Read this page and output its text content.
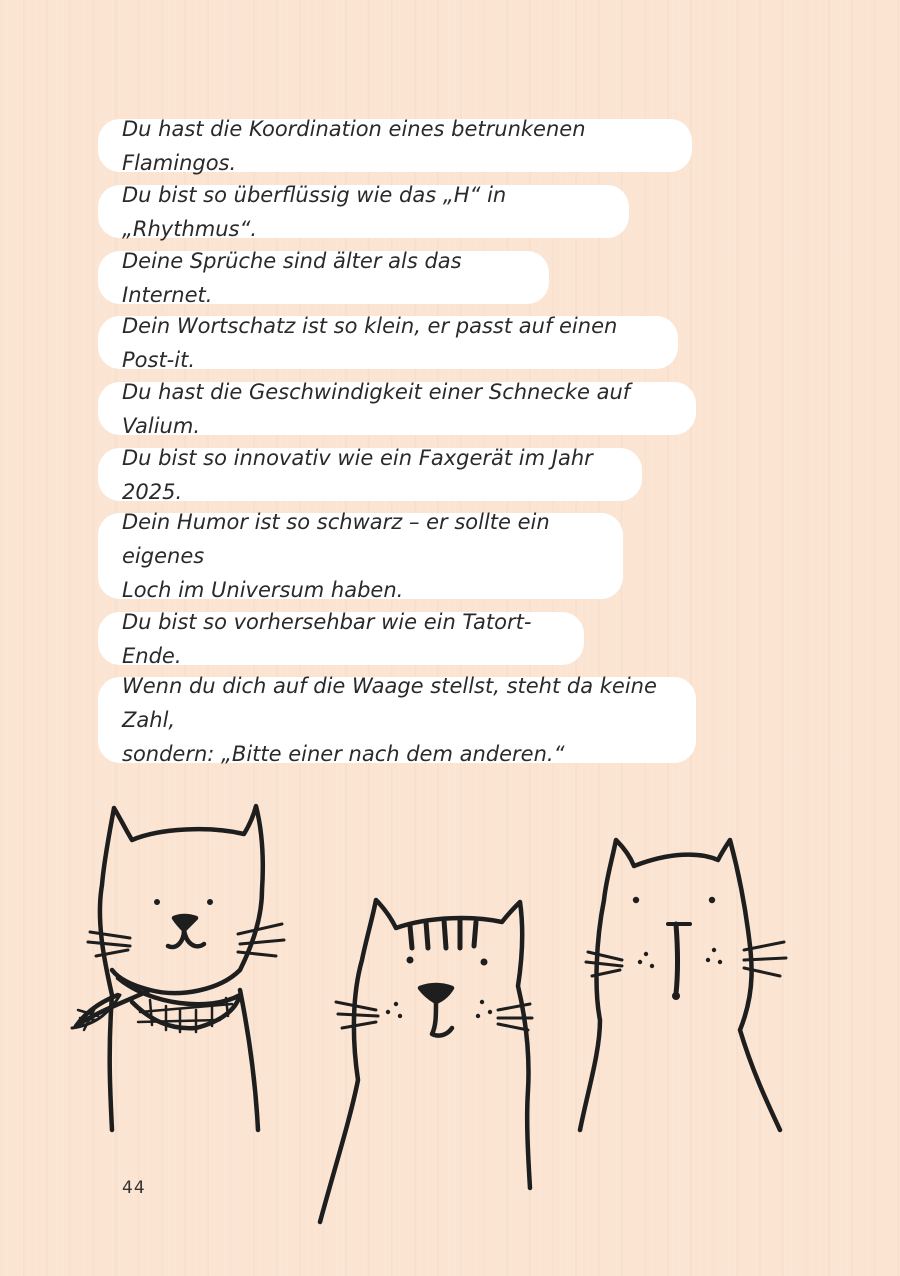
Du hast die Koordination eines betrunkenen Flamingos.
Du bist so überflüssig wie das „H“ in „Rhythmus“.
Deine Sprüche sind älter als das Internet.
Dein Wortschatz ist so klein, er passt auf einen Post-it.
Du hast die Geschwindigkeit einer Schnecke auf Valium.
Du bist so innovativ wie ein Faxgerät im Jahr 2025.
Dein Humor ist so schwarz – er sollte ein eigenes
Loch im Universum haben.
Du bist so vorhersehbar wie ein Tatort-Ende.
Wenn du dich auf die Waage stellst, steht da keine Zahl,
sondern: „Bitte einer nach dem anderen.“
44
